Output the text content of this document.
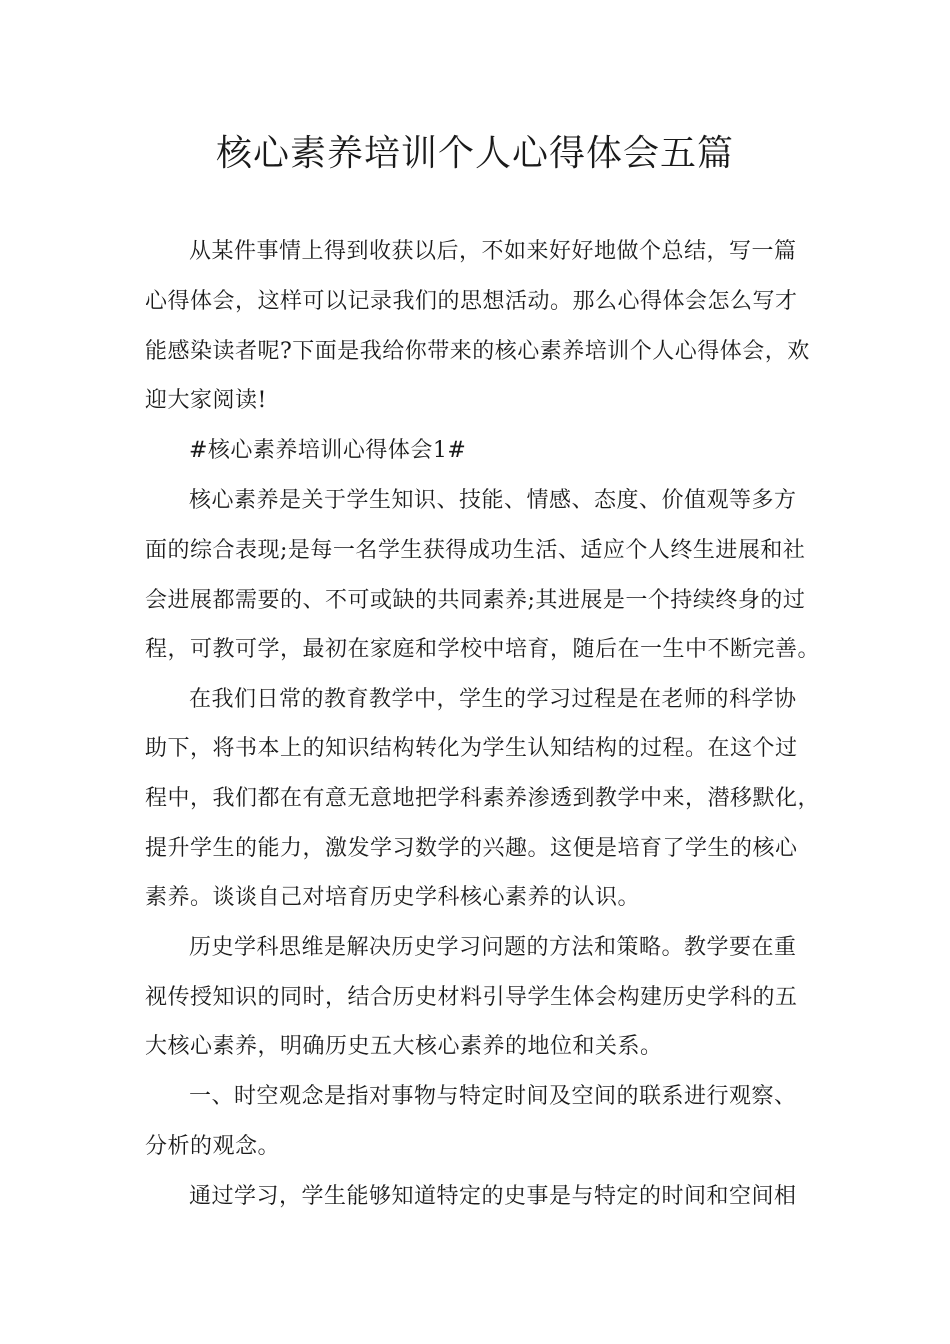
核心素养培训个人心得体会五篇
从某件事情上得到收获以后，不如来好好地做个总结，写一篇
心得体会，这样可以记录我们的思想活动。那么心得体会怎么写才
能感染读者呢?下面是我给你带来的核心素养培训个人心得体会，欢
迎大家阅读!
#核心素养培训心得体会1#
核心素养是关于学生知识、技能、情感、态度、价值观等多方
面的综合表现;是每一名学生获得成功生活、适应个人终生进展和社
会进展都需要的、不可或缺的共同素养;其进展是一个持续终身的过
程，可教可学，最初在家庭和学校中培育，随后在一生中不断完善。
在我们日常的教育教学中，学生的学习过程是在老师的科学协
助下，将书本上的知识结构转化为学生认知结构的过程。在这个过
程中，我们都在有意无意地把学科素养渗透到教学中来，潜移默化，
提升学生的能力，激发学习数学的兴趣。这便是培育了学生的核心
素养。谈谈自己对培育历史学科核心素养的认识。
历史学科思维是解决历史学习问题的方法和策略。教学要在重
视传授知识的同时，结合历史材料引导学生体会构建历史学科的五
大核心素养，明确历史五大核心素养的地位和关系。
一、时空观念是指对事物与特定时间及空间的联系进行观察、
分析的观念。
通过学习，学生能够知道特定的史事是与特定的时间和空间相
